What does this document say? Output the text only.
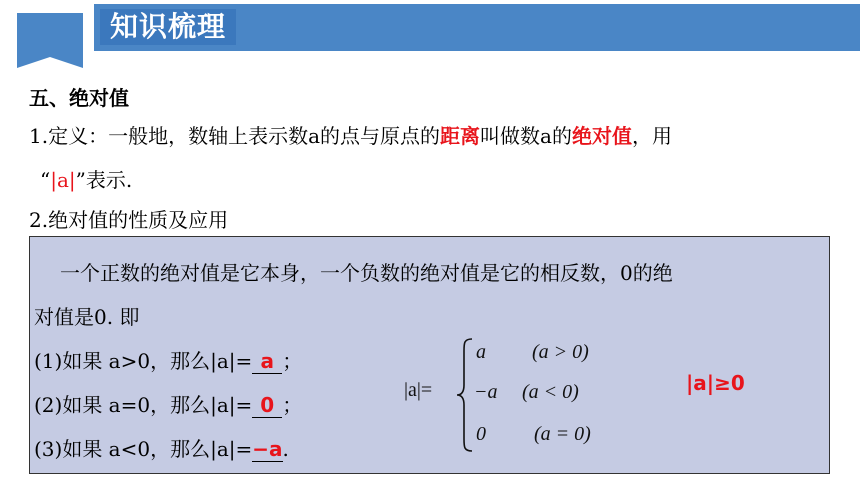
知识梳理
五、绝对值
1.定义：一般地，数轴上表示数a的点与原点的距离叫做数a的绝对值，用
“|a|”表示.
2.绝对值的性质及应用
一个正数的绝对值是它本身，一个负数的绝对值是它的相反数，0的绝
对值是0. 即
(1)如果 a>0，那么|a|= a ；
(2)如果 a=0，那么|a|= 0 ；
(3)如果 a<0，那么|a|=−a.
|a|=
a (a > 0)
−a (a < 0)
0 (a = 0)
|a|≥0
